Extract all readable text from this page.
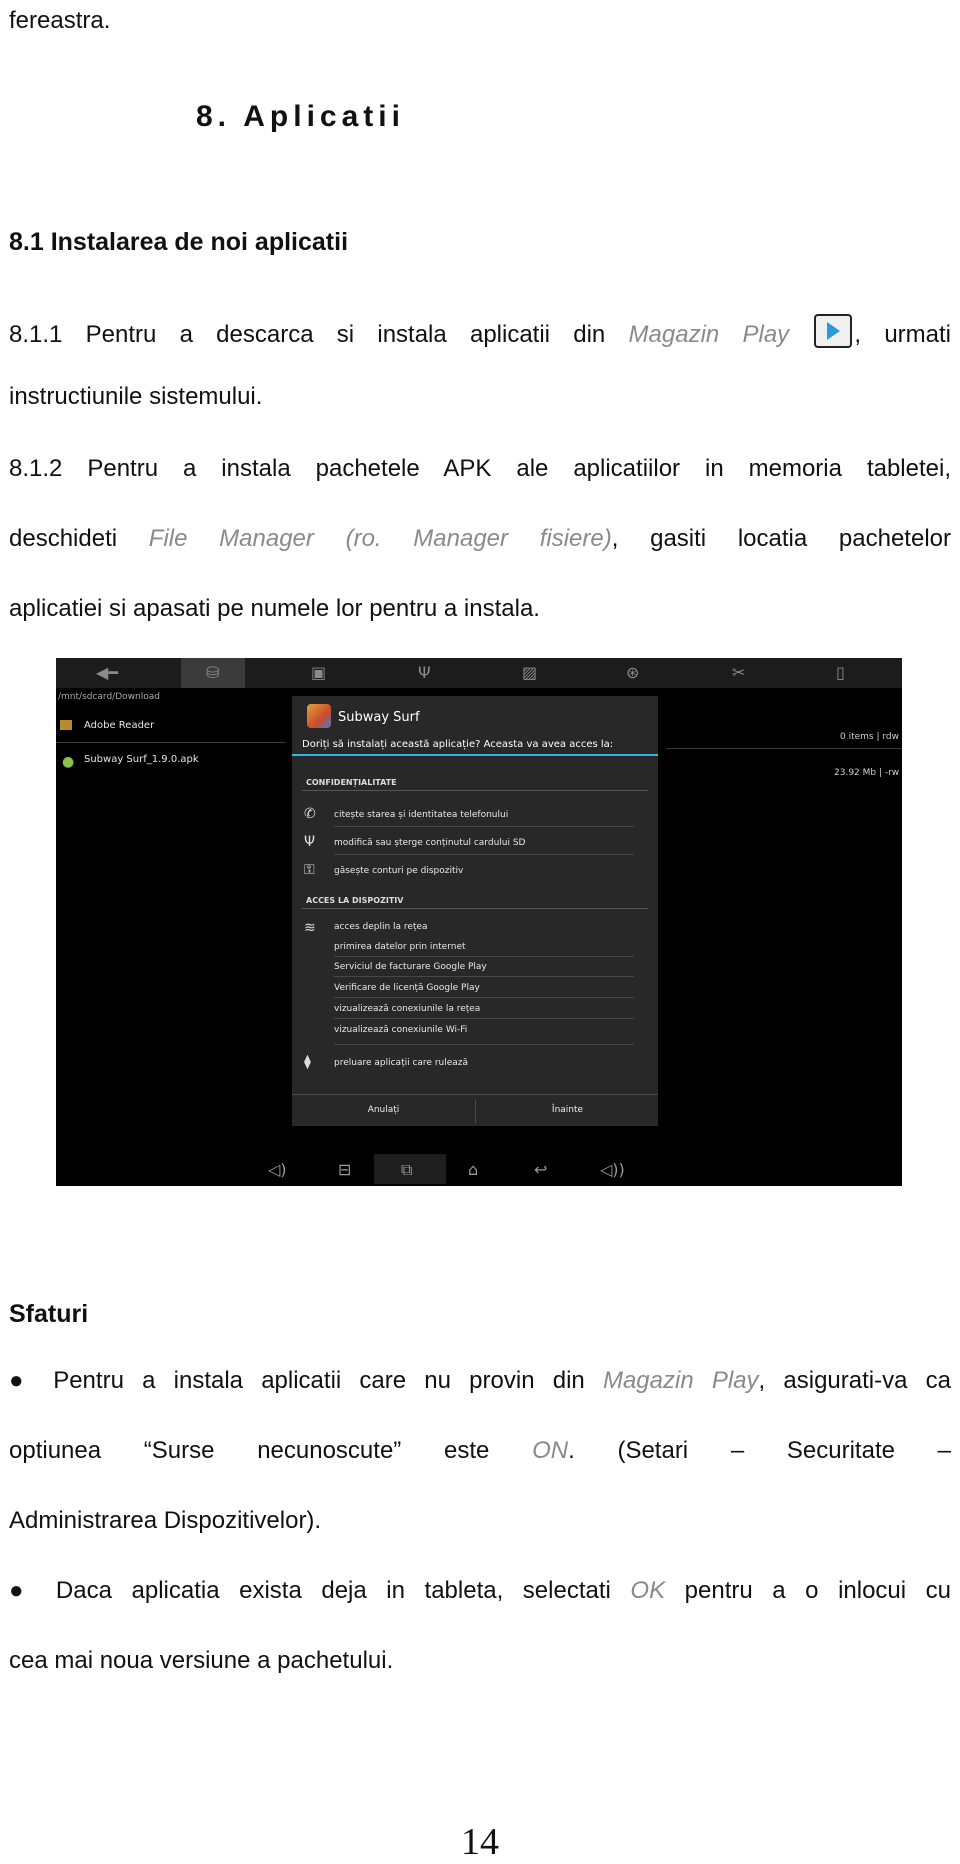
fereastra.
8. Aplicatii
8.1 Instalarea de noi aplicatii
8.1.1 Pentru a descarca si instala aplicatii din Magazin Play	, urmati
instructiunile sistemului.
8.1.2 Pentru a instala pachetele APK ale aplicatiilor in memoria tabletei,
deschideti File Manager (ro. Manager fisiere), gasiti locatia pachetelor
aplicatiei si apasati pe numele lor pentru a instala.
◀━	⛁	▣	Ψ	▨	⊛	✂	▯
/mnt/sdcard/Download
Adobe Reader
● Subway Surf_1.9.0.apk
0 items | rdw
23.92 Mb | -rw
Subway Surf
Doriți să instalați această aplicație? Aceasta va avea acces la:
CONFIDENȚIALITATE
✆ citește starea și identitatea telefonului
Ψ modifică sau șterge conținutul cardului SD
⚿ găsește conturi pe dispozitiv
ACCES LA DISPOZITIV
≋ acces deplin la rețea
primirea datelor prin internet
Serviciul de facturare Google Play
Verificare de licență Google Play
vizualizează conexiunile la rețea
vizualizează conexiunile Wi-Fi
⧫	preluare aplicații care rulează
Anulați	Înainte
◁)	⊟	⧉	⌂	↩	◁))
Sfaturi
● Pentru a instala aplicatii care nu provin din Magazin Play, asigurati-va ca
optiunea “Surse necunoscute” este ON. (Setari – Securitate –
Administrarea Dispozitivelor).
● Daca aplicatia exista deja in tableta, selectati OK pentru a o inlocui cu
cea mai noua versiune a pachetului.
14
